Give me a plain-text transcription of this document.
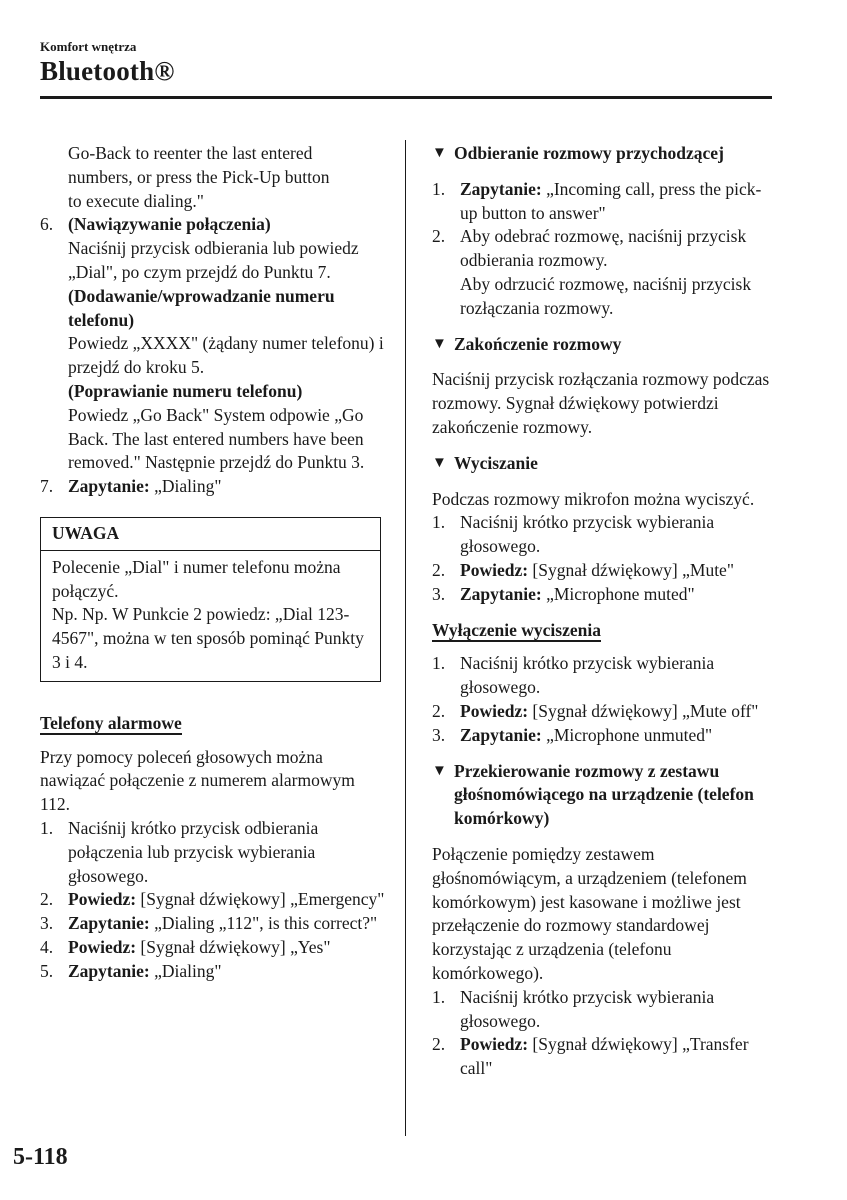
Komfort wnętrza
Bluetooth®
Go-Back to reenter the last entered
numbers, or press the Pick-Up button
to execute dialing."
6. (Nawiązywanie połączenia)
Naciśnij przycisk odbierania lub powiedz „Dial", po czym przejdź do Punktu 7.
(Dodawanie/wprowadzanie numeru telefonu)
Powiedz „XXXX" (żądany numer telefonu) i przejdź do kroku 5.
(Poprawianie numeru telefonu)
Powiedz „Go Back" System odpowie „Go Back. The last entered numbers have been removed." Następnie przejdź do Punktu 3.
7. Zapytanie: „Dialing"
UWAGA
Polecenie „Dial" i numer telefonu można połączyć.
Np. Np. W Punkcie 2 powiedz: „Dial 123-4567", można w ten sposób pominąć Punkty 3 i 4.
Telefony alarmowe

Przy pomocy poleceń głosowych można nawiązać połączenie z numerem alarmowym 112.

1. Naciśnij krótko przycisk odbierania połączenia lub przycisk wybierania głosowego.
2. Powiedz: [Sygnał dźwiękowy] „Emergency"
3. Zapytanie: „Dialing „112", is this correct?"
4. Powiedz: [Sygnał dźwiękowy] „Yes"
5. Zapytanie: „Dialing"
▼ Odbieranie rozmowy przychodzącej
1. Zapytanie: „Incoming call, press the pick-up button to answer"
2. Aby odebrać rozmowę, naciśnij przycisk odbierania rozmowy.
Aby odrzucić rozmowę, naciśnij przycisk rozłączania rozmowy.
▼ Zakończenie rozmowy

Naciśnij przycisk rozłączania rozmowy podczas rozmowy. Sygnał dźwiękowy potwierdzi zakończenie rozmowy.

▼ Wyciszanie

Podczas rozmowy mikrofon można wyciszyć.

1. Naciśnij krótko przycisk wybierania głosowego.
2. Powiedz: [Sygnał dźwiękowy] „Mute"
3. Zapytanie: „Microphone muted"
Wyłączenie wyciszenia
1. Naciśnij krótko przycisk wybierania głosowego.
2. Powiedz: [Sygnał dźwiękowy] „Mute off"
3. Zapytanie: „Microphone unmuted"
▼ Przekierowanie rozmowy z zestawu głośnomówiącego na urządzenie (telefon komórkowy)

Połączenie pomiędzy zestawem głośnomówiącym, a urządzeniem (telefonem komórkowym) jest kasowane i możliwe jest przełączenie do rozmowy standardowej korzystając z urządzenia (telefonu komórkowego).

1. Naciśnij krótko przycisk wybierania głosowego.
2. Powiedz: [Sygnał dźwiękowy] „Transfer call"
5-118
